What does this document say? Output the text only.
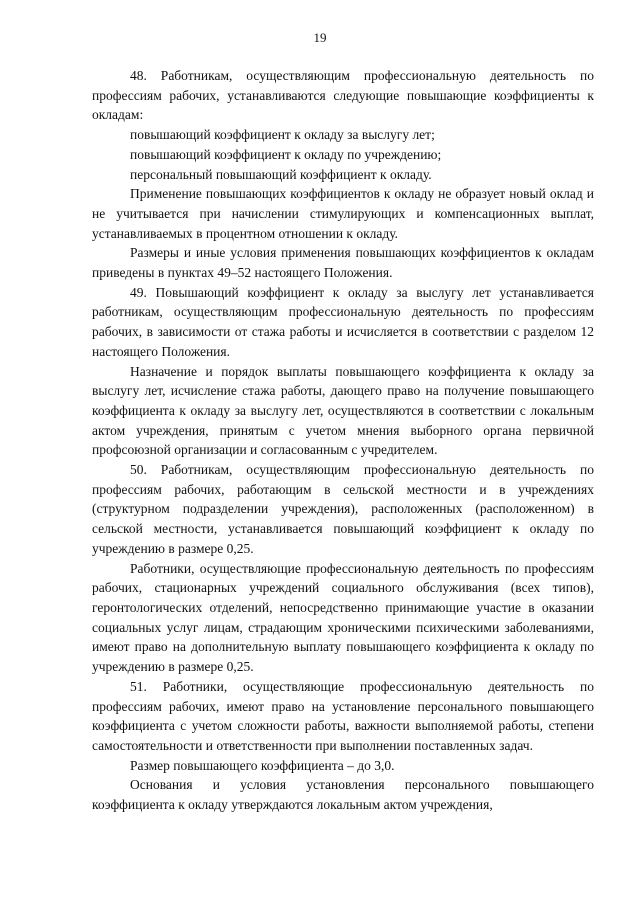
19

48. Работникам, осуществляющим профессиональную деятельность по профессиям рабочих, устанавливаются следующие повышающие коэффициенты к окладам:

повышающий коэффициент к окладу за выслугу лет;

повышающий коэффициент к окладу по учреждению;

персональный повышающий коэффициент к окладу.

Применение повышающих коэффициентов к окладу не образует новый оклад и не учитывается при начислении стимулирующих и компенсационных выплат, устанавливаемых в процентном отношении к окладу.

Размеры и иные условия применения повышающих коэффициентов к окладам приведены в пунктах 49–52 настоящего Положения.

49. Повышающий коэффициент к окладу за выслугу лет устанавливается работникам, осуществляющим профессиональную деятельность по профессиям рабочих, в зависимости от стажа работы и исчисляется в соответствии с разделом 12 настоящего Положения.

Назначение и порядок выплаты повышающего коэффициента к окладу за выслугу лет, исчисление стажа работы, дающего право на получение повышающего коэффициента к окладу за выслугу лет, осуществляются в соответствии с локальным актом учреждения, принятым с учетом мнения выборного органа первичной профсоюзной организации и согласованным с учредителем.

50. Работникам, осуществляющим профессиональную деятельность по профессиям рабочих, работающим в сельской местности и в учреждениях (структурном подразделении учреждения), расположенных (расположенном) в сельской местности, устанавливается повышающий коэффициент к окладу по учреждению в размере 0,25.

Работники, осуществляющие профессиональную деятельность по профессиям рабочих, стационарных учреждений социального обслуживания (всех типов), геронтологических отделений, непосредственно принимающие участие в оказании социальных услуг лицам, страдающим хроническими психическими заболеваниями, имеют право на дополнительную выплату повышающего коэффициента к окладу по учреждению в размере 0,25.

51. Работники, осуществляющие профессиональную деятельность по профессиям рабочих, имеют право на установление персонального повышающего коэффициента с учетом сложности работы, важности выполняемой работы, степени самостоятельности и ответственности при выполнении поставленных задач.

Размер повышающего коэффициента – до 3,0.

Основания и условия установления персонального повышающего коэффициента к окладу утверждаются локальным актом учреждения,
